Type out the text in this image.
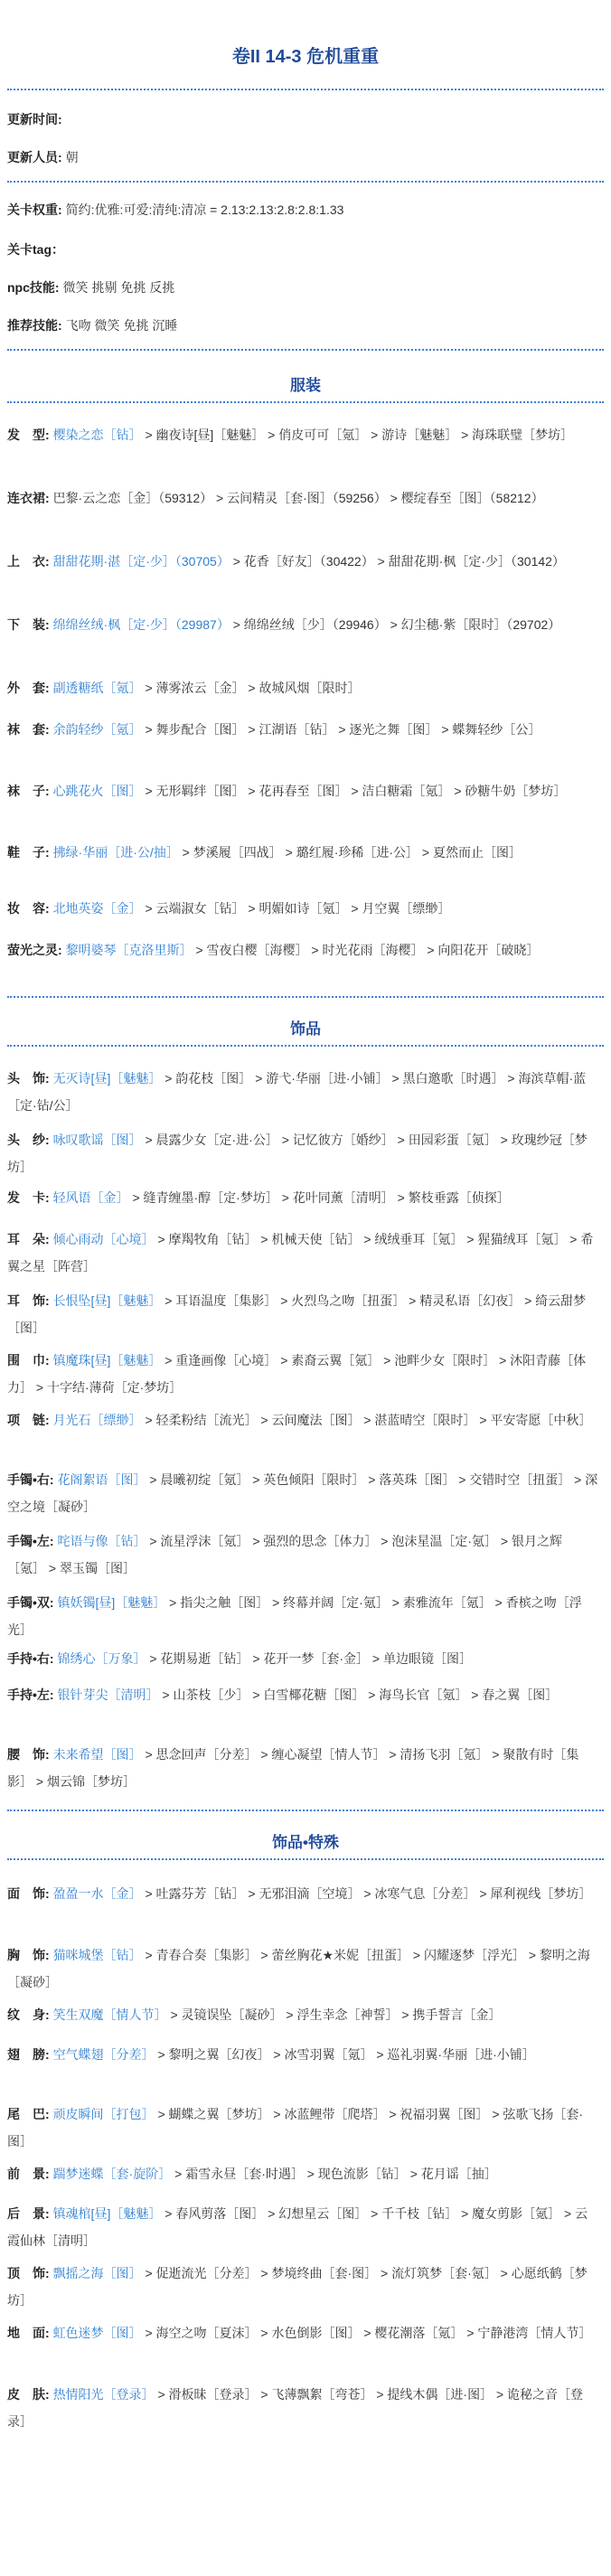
卷II 14-3 危机重重
更新时间:
更新人员: 朝
关卡权重: 简约:优雅:可爱:清纯:清凉 = 2.13:2.13:2.8:2.8:1.33
关卡tag：
npc技能: 微笑 挑剔 免挑 反挑
推荐技能: 飞吻 微笑 免挑 沉睡
服装
发　型: 樱染之恋［钻］ > 幽夜诗[昼]［魅魅］ > 俏皮可可［氪］ > 游诗［魅魅］ > 海珠联璧［梦坊］
连衣裙: 巴黎·云之恋［金］（59312） > 云间精灵［套·图］（59256） > 樱绽春至［图］（58212）
上　衣: 甜甜花期·湛［定·少］（30705） > 花香［好友］（30422） > 甜甜花期·枫［定·少］（30142）
下　装: 绵绵丝绒·枫［定·少］（29987） > 绵绵丝绒［少］（29946） > 幻尘穗·紫［限时］（29702）
外　套: 副透糖纸［氪］ > 薄雾浓云［金］ > 故城风烟［限时］
袜　套: 余韵轻纱［氪］ > 舞步配合［图］ > 江湖语［钻］ > 逐光之舞［图］ > 蝶舞轻纱［公］
袜　子: 心跳花火［图］ > 无形羁绊［图］ > 花再春至［图］ > 洁白糖霜［氪］ > 砂糖牛奶［梦坊］
鞋　子: 拂绿·华丽［进·公/抽］ > 梦溪履［四战］ > 璐红履·珍稀［进·公］ > 夏然而止［图］
妆　容: 北地英姿［金］ > 云端淑女［钻］ > 明媚如诗［氪］ > 月空翼［缥缈］
萤光之灵: 黎明婆琴［克洛里斯］ > 雪夜白樱［海樱］ > 时光花雨［海樱］ > 向阳花开［破晓］
饰品
头　饰: 无灭诗[昼]［魅魅］ > 韵花枝［图］ > 游弋·华丽［进·小铺］ > 黑白邀歌［时遇］ > 海滨草帽·蓝［定·钻/公］
头　纱: 咏叹歌谣［图］ > 晨露少女［定·进·公］ > 记忆彼方［婚纱］ > 田园彩蛋［氪］ > 玫瑰纱冠［梦坊］
发　卡: 轻风语［金］ > 缝青缠墨·醇［定·梦坊］ > 花叶同薰［清明］ > 繁枝垂露［侦探］
耳　朵: 倾心雨动［心境］ > 摩羯牧角［钻］ > 机械天使［钻］ > 绒绒垂耳［氪］ > 猩猫绒耳［氪］ > 希翼之星［阵营］
耳　饰: 长恨坠[昼]［魅魅］ > 耳语温度［集影］ > 火烈鸟之吻［扭蛋］ > 精灵私语［幻夜］ > 绮云甜梦［图］
围　巾: 镇魔珠[昼]［魅魅］ > 重逢画像［心境］ > 素裔云翼［氪］ > 池畔少女［限时］ > 沐阳青藤［体力］ > 十字结·薄荷［定·梦坊］
项　链: 月光石［缥缈］ > 轻柔粉结［流光］ > 云间魔法［图］ > 湛蓝晴空［限时］ > 平安寄愿［中秋］
手镯•右: 花阁絮语［图］ > 晨曦初绽［氪］ > 英色倾阳［限时］ > 落英珠［图］ > 交错时空［扭蛋］ > 深空之境［凝砂］
手镯•左: 咤语与像［钻］ > 流星浮沫［氪］ > 强烈的思念［体力］ > 泡沫星温［定·氪］ > 银月之辉［氪］ > 翠玉镯［图］
手镯•双: 镇妖镯[昼]［魅魅］ > 指尖之触［图］ > 终幕并阔［定·氪］ > 素雅流年［氪］ > 香槟之吻［浮光］
手持•右: 锦绣心［万象］ > 花期易逝［钻］ > 花开一梦［套·金］ > 单边眼镜［图］
手持•左: 银针芽尖［清明］ > 山茶枝［少］ > 白雪椰花糖［图］ > 海鸟长官［氪］ > 春之翼［图］
腰　饰: 未来希望［图］ > 思念回声［分差］ > 缠心凝望［情人节］ > 清扬飞羽［氪］ > 聚散有时［集影］ > 烟云锦［梦坊］
饰品•特殊
面　饰: 盈盈一水［金］ > 吐露芬芳［钻］ > 无邪泪滴［空境］ > 冰寒气息［分差］ > 犀利视线［梦坊］
胸　饰: 猫咪城堡［钻］ > 青春合奏［集影］ > 蕾丝胸花★米妮［扭蛋］ > 闪耀逐梦［浮光］ > 黎明之海［凝砂］
纹　身: 笑生双魔［情人节］ > 灵镜误坠［凝砂］ > 浮生幸念［神誓］ > 携手誓言［金］
翅　膀: 空气蝶翅［分差］ > 黎明之翼［幻夜］ > 冰雪羽翼［氪］ > 巡礼羽翼·华丽［进·小铺］
尾　巴: 顽皮瞬间［打包］ > 蝴蝶之翼［梦坊］ > 冰蓝鲤带［爬塔］ > 祝福羽翼［图］ > 弦歌飞扬［套·图］
前　景: 踹梦迷蝶［套·旋阶］ > 霜雪永昼［套·时遇］ > 现色流影［钻］ > 花月谣［抽］
后　景: 镇魂棺[昼]［魅魅］ > 春风剪落［图］ > 幻想星云［图］ > 千千枝［钻］ > 魔女剪影［氪］ > 云霞仙林［清明］
顶　饰: 飘摇之海［图］ > 促逝流光［分差］ > 梦境终曲［套·图］ > 流灯筑梦［套·氪］ > 心愿纸鹤［梦坊］
地　面: 虹色迷梦［图］ > 海空之吻［夏沫］ > 水色倒影［图］ > 樱花潮落［氪］ > 宁静港湾［情人节］
皮　肤: 热情阳光［登录］ > 滑板昧［登录］ > 飞薄飘絮［弯苍］ > 提线木偶［进·图］ > 诡秘之音［登录］
